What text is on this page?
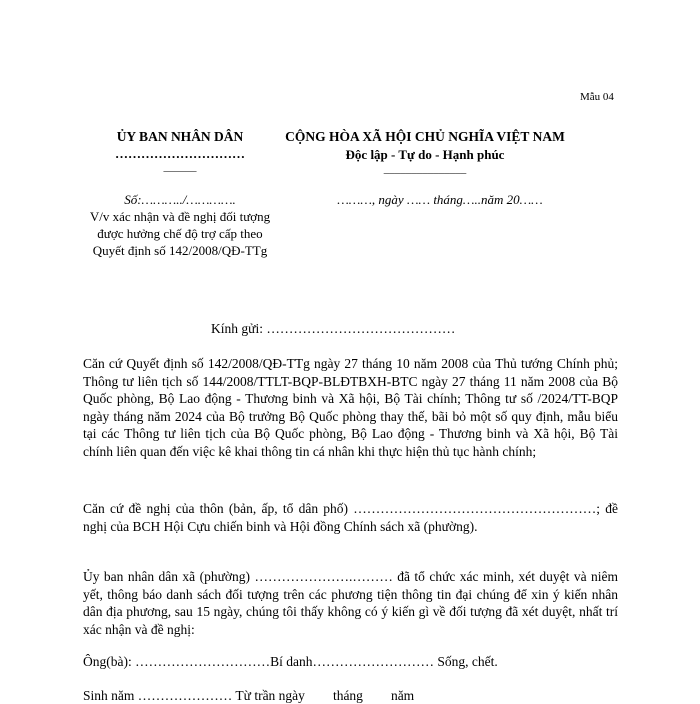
Mẫu 04
ỦY BAN NHÂN DÂN
…………………………
______
CỘNG HÒA XÃ HỘI CHỦ NGHĨA VIỆT NAM
Độc lập - Tự do - Hạnh phúc
_______________
Số:………../………….
V/v xác nhận và đề nghị đối tượng được hưởng chế độ trợ cấp theo Quyết định số 142/2008/QĐ-TTg
………, ngày …… tháng…..năm 20……
Kính gửi: ……………………………………
Căn cứ Quyết định số 142/2008/QĐ-TTg ngày 27 tháng 10 năm 2008 của Thủ tướng Chính phủ; Thông tư liên tịch số 144/2008/TTLT-BQP-BLĐTBXH-BTC ngày 27 tháng 11 năm 2008 của Bộ Quốc phòng, Bộ Lao động - Thương binh và Xã hội, Bộ Tài chính; Thông tư số /2024/TT-BQP ngày tháng năm 2024 của Bộ trưởng Bộ Quốc phòng thay thế, bãi bỏ một số quy định, mẫu biểu tại các Thông tư liên tịch của Bộ Quốc phòng, Bộ Lao động - Thương binh và Xã hội, Bộ Tài chính liên quan đến việc kê khai thông tin cá nhân khi thực hiện thủ tục hành chính;
Căn cứ đề nghị của thôn (bản, ấp, tổ dân phố) ………………………………………………; đề nghị của BCH Hội Cựu chiến binh và Hội đồng Chính sách xã (phường).
Ủy ban nhân dân xã (phường) ………………….……… đã tổ chức xác minh, xét duyệt và niêm yết, thông báo danh sách đối tượng trên các phương tiện thông tin đại chúng để xin ý kiến nhân dân địa phương, sau 15 ngày, chúng tôi thấy không có ý kiến gì về đối tượng đã xét duyệt, nhất trí xác nhận và đề nghị:
Ông(bà): …………………………Bí danh……………………… Sống, chết.
Sinh năm ………………… Từ trần ngày tháng năm
